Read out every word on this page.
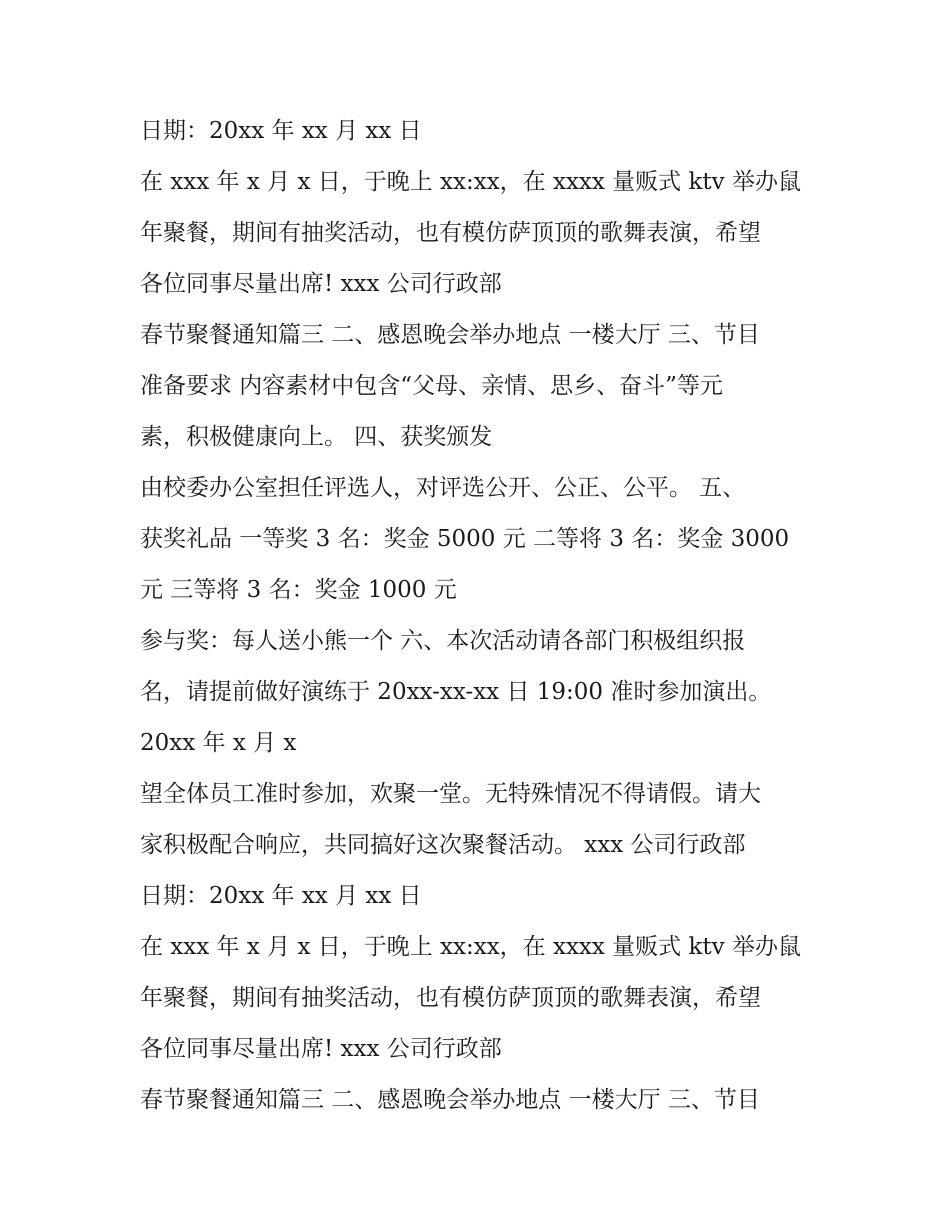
日期：20xx 年 xx 月 xx 日
在 xxx 年 x 月 x 日，于晚上 xx:xx，在 xxxx 量贩式 ktv 举办鼠
年聚餐，期间有抽奖活动，也有模仿萨顶顶的歌舞表演，希望
各位同事尽量出席! xxx 公司行政部
春节聚餐通知篇三 二、感恩晚会举办地点 一楼大厅 三、节目
准备要求 内容素材中包含“父母、亲情、思乡、奋斗”等元
素，积极健康向上。 四、获奖颁发
由校委办公室担任评选人，对评选公开、公正、公平。 五、
获奖礼品 一等奖 3 名：奖金 5000 元 二等将 3 名：奖金 3000
元 三等将 3 名：奖金 1000 元
参与奖：每人送小熊一个 六、本次活动请各部门积极组织报
名，请提前做好演练于 20xx-xx-xx 日 19:00 准时参加演出。
20xx 年 x 月 x
望全体员工准时参加，欢聚一堂。无特殊情况不得请假。请大
家积极配合响应，共同搞好这次聚餐活动。 xxx 公司行政部
日期：20xx 年 xx 月 xx 日
在 xxx 年 x 月 x 日，于晚上 xx:xx，在 xxxx 量贩式 ktv 举办鼠
年聚餐，期间有抽奖活动，也有模仿萨顶顶的歌舞表演，希望
各位同事尽量出席! xxx 公司行政部
春节聚餐通知篇三 二、感恩晚会举办地点 一楼大厅 三、节目
